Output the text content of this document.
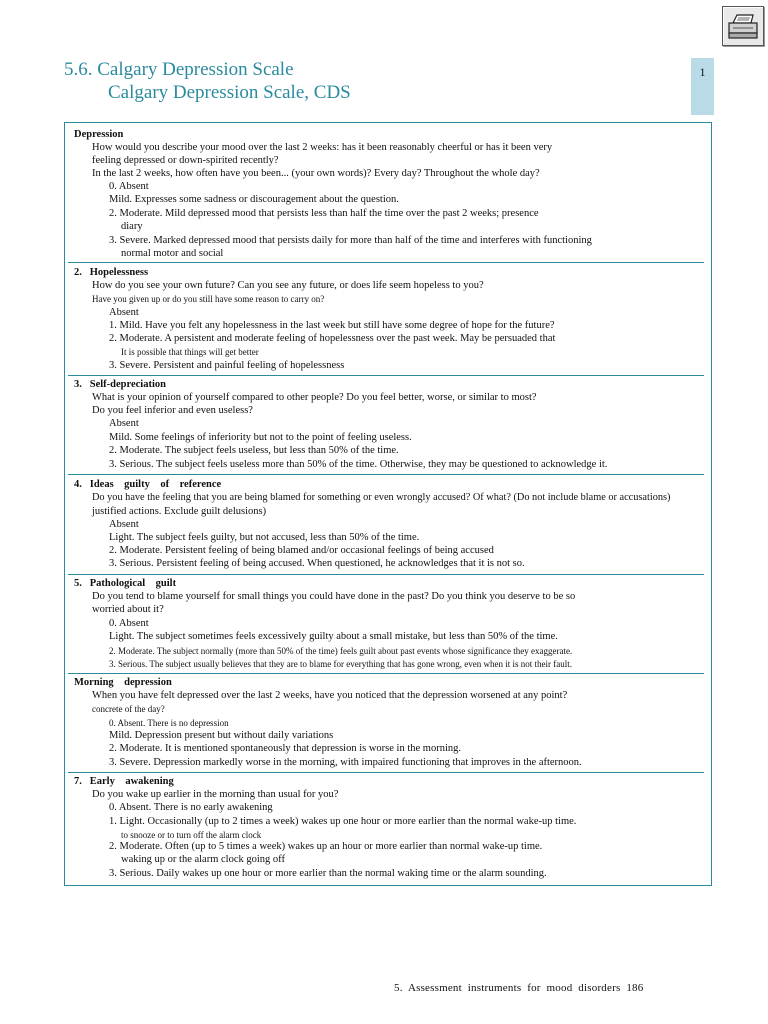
5.6. Calgary Depression Scale
Calgary Depression Scale, CDS
1
Depression
How would you describe your mood over the last 2 weeks: has it been reasonably cheerful or has it been very
feeling depressed or down-spirited recently?
In the last 2 weeks, how often have you been... (your own words)? Every day? Throughout the whole day?
0. Absent
Mild. Expresses some sadness or discouragement about the question.
2. Moderate. Mild depressed mood that persists less than half the time over the past 2 weeks; presence
diary
3. Severe. Marked depressed mood that persists daily for more than half of the time and interferes with functioning
normal motor and social
2.   Hopelessness
How do you see your own future? Can you see any future, or does life seem hopeless to you?
Have you given up or do you still have some reason to carry on?
Absent
1. Mild. Have you felt any hopelessness in the last week but still have some degree of hope for the future?
2. Moderate. A persistent and moderate feeling of hopelessness over the past week. May be persuaded that
It is possible that things will get better
3. Severe. Persistent and painful feeling of hopelessness
3.   Self-depreciation
What is your opinion of yourself compared to other people? Do you feel better, worse, or similar to most?
Do you feel inferior and even useless?
Absent
Mild. Some feelings of inferiority but not to the point of feeling useless.
2. Moderate. The subject feels useless, but less than 50% of the time.
3. Serious. The subject feels useless more than 50% of the time. Otherwise, they may be questioned to acknowledge it.
4.   Ideas    guilty    of    reference
Do you have the feeling that you are being blamed for something or even wrongly accused? Of what? (Do not include blame or accusations)
justified actions. Exclude guilt delusions)
Absent
Light. The subject feels guilty, but not accused, less than 50% of the time.
2. Moderate. Persistent feeling of being blamed and/or occasional feelings of being accused
3. Serious. Persistent feeling of being accused. When questioned, he acknowledges that it is not so.
5.   Pathological    guilt
Do you tend to blame yourself for small things you could have done in the past? Do you think you deserve to be so
worried about it?
0. Absent
Light. The subject sometimes feels excessively guilty about a small mistake, but less than 50% of the time.
2. Moderate. The subject normally (more than 50% of the time) feels guilt about past events whose significance they exaggerate.
3. Serious. The subject usually believes that they are to blame for everything that has gone wrong, even when it is not their fault.
Morning    depression
When you have felt depressed over the last 2 weeks, have you noticed that the depression worsened at any point?
concrete of the day?
0. Absent. There is no depression
Mild. Depression present but without daily variations
2. Moderate. It is mentioned spontaneously that depression is worse in the morning.
3. Severe. Depression markedly worse in the morning, with impaired functioning that improves in the afternoon.
7.   Early    awakening
Do you wake up earlier in the morning than usual for you?
0. Absent. There is no early awakening
1. Light. Occasionally (up to 2 times a week) wakes up one hour or more earlier than the normal wake-up time.
to snooze or to turn off the alarm clock
2. Moderate. Often (up to 5 times a week) wakes up an hour or more earlier than normal wake-up time.
waking up or the alarm clock going off
3. Serious. Daily wakes up one hour or more earlier than the normal waking time or the alarm sounding.
5.  Assessment  instruments  for  mood  disorders  186
